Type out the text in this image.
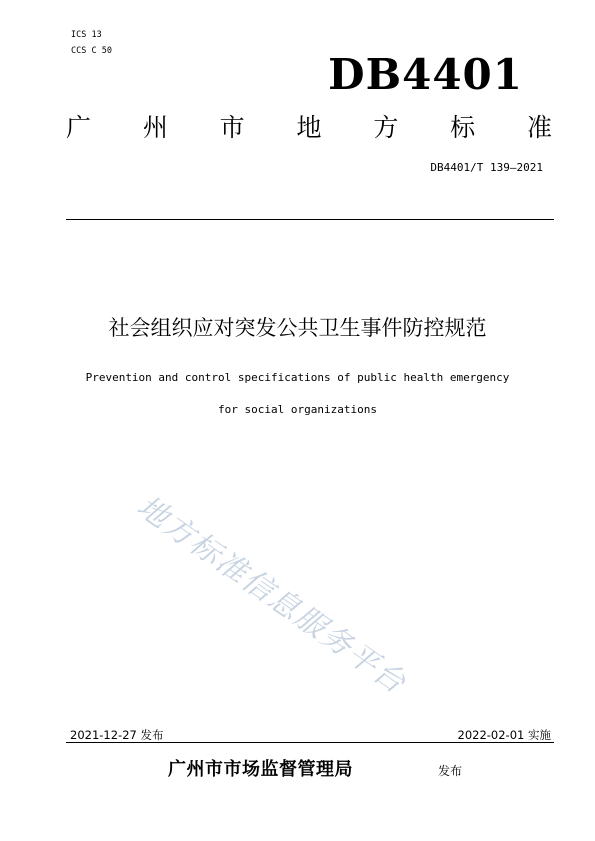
ICS 13
CCS C 50	DB4401
广 州 市 地 方 标 准
DB4401/T 139—2021
社会组织应对突发公共卫生事件防控规范
Prevention and control specifications of public health emergency
for social organizations
地方标准信息服务平台
2021-12-27 发布	2022-02-01 实施
广州市市场监督管理局	发布
